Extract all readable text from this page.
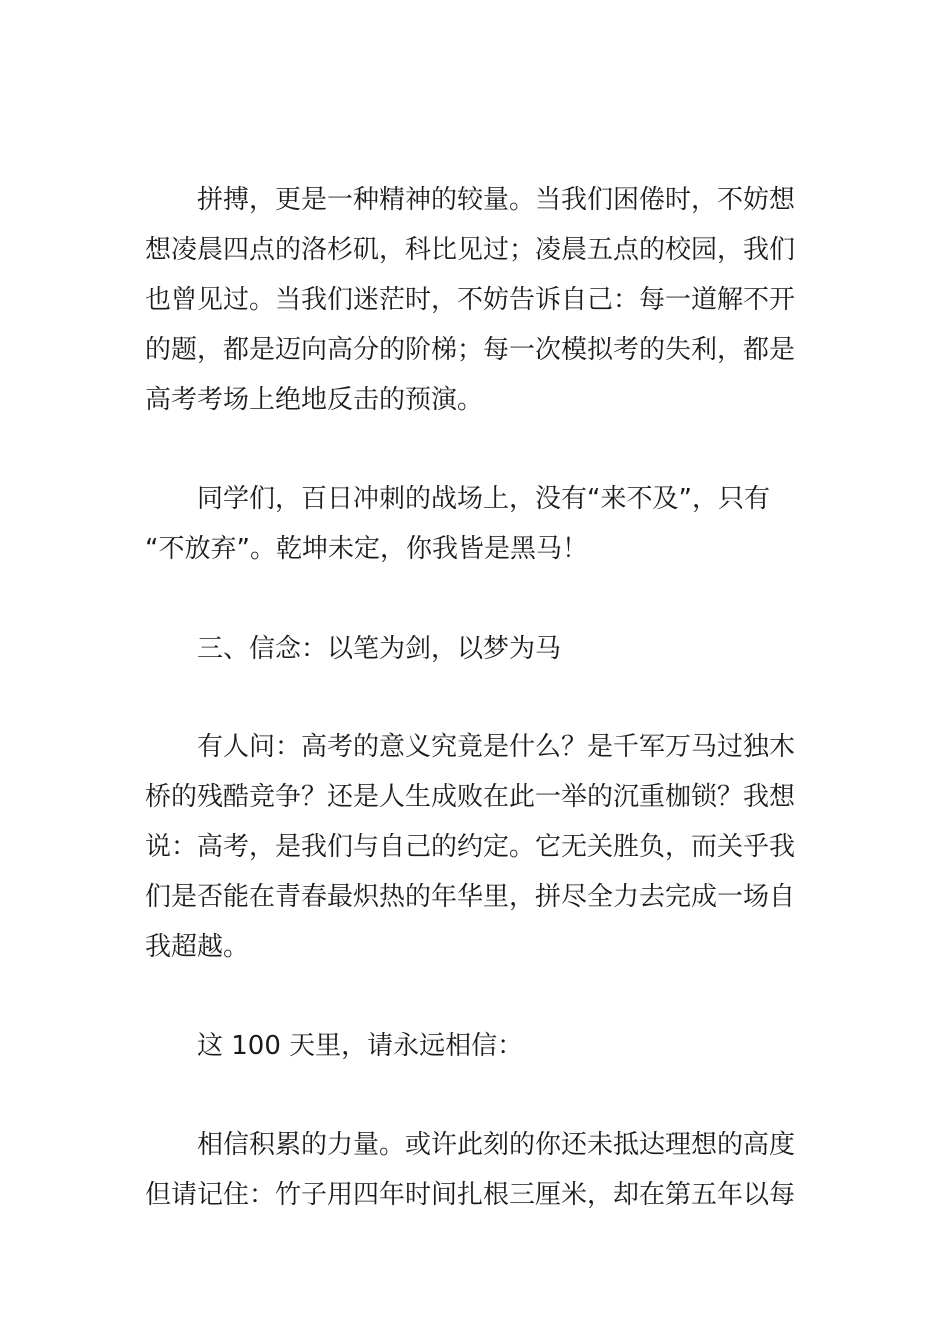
拼搏，更是一种精神的较量。当我们困倦时，不妨想
想凌晨四点的洛杉矶，科比见过；凌晨五点的校园，我们
也曾见过。当我们迷茫时，不妨告诉自己：每一道解不开
的题，都是迈向高分的阶梯；每一次模拟考的失利，都是
高考考场上绝地反击的预演。
同学们，百日冲刺的战场上，没有“来不及”，只有
“不放弃”。乾坤未定，你我皆是黑马！
三、信念：以笔为剑，以梦为马
有人问：高考的意义究竟是什么？是千军万马过独木
桥的残酷竞争？还是人生成败在此一举的沉重枷锁？我想
说：高考，是我们与自己的约定。它无关胜负，而关乎我
们是否能在青春最炽热的年华里，拼尽全力去完成一场自
我超越。
这 100 天里，请永远相信：
相信积累的力量。或许此刻的你还未抵达理想的高度
但请记住：竹子用四年时间扎根三厘米，却在第五年以每
